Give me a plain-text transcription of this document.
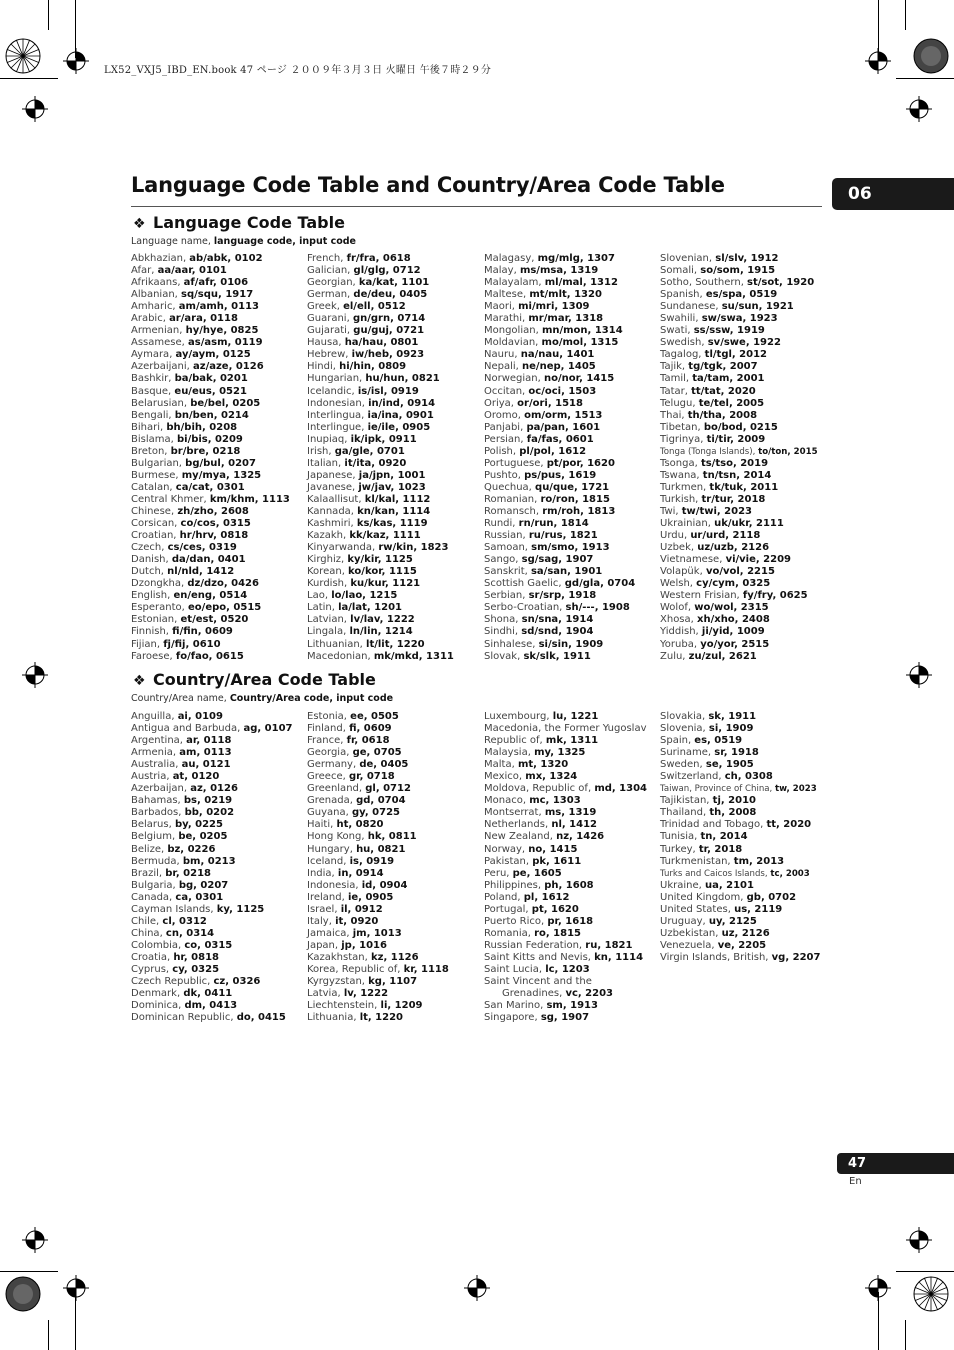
LX52_VXJ5_IBD_EN.book 47 ページ ２００９年３月３日 火曜日 午後７時２９分
Language Code Table and Country/Area Code Table	06
❖ Language Code Table
Language name, language code, input code
Abkhazian, ab/abk, 0102
Afar, aa/aar, 0101
Afrikaans, af/afr, 0106
Albanian, sq/squ, 1917
Amharic, am/amh, 0113
Arabic, ar/ara, 0118
Armenian, hy/hye, 0825
Assamese, as/asm, 0119
Aymara, ay/aym, 0125
Azerbaijani, az/aze, 0126
Bashkir, ba/bak, 0201
Basque, eu/eus, 0521
Belarusian, be/bel, 0205
Bengali, bn/ben, 0214
Bihari, bh/bih, 0208
Bislama, bi/bis, 0209
Breton, br/bre, 0218
Bulgarian, bg/bul, 0207
Burmese, my/mya, 1325
Catalan, ca/cat, 0301
Central Khmer, km/khm, 1113
Chinese, zh/zho, 2608
Corsican, co/cos, 0315
Croatian, hr/hrv, 0818
Czech, cs/ces, 0319
Danish, da/dan, 0401
Dutch, nl/nld, 1412
Dzongkha, dz/dzo, 0426
English, en/eng, 0514
Esperanto, eo/epo, 0515
Estonian, et/est, 0520
Finnish, fi/fin, 0609
Fijian, fj/fij, 0610
Faroese, fo/fao, 0615
French, fr/fra, 0618
Galician, gl/glg, 0712
Georgian, ka/kat, 1101
German, de/deu, 0405
Greek, el/ell, 0512
Guarani, gn/grn, 0714
Gujarati, gu/guj, 0721
Hausa, ha/hau, 0801
Hebrew, iw/heb, 0923
Hindi, hi/hin, 0809
Hungarian, hu/hun, 0821
Icelandic, is/isl, 0919
Indonesian, in/ind, 0914
Interlingua, ia/ina, 0901
Interlingue, ie/ile, 0905
Inupiaq, ik/ipk, 0911
Irish, ga/gle, 0701
Italian, it/ita, 0920
Japanese, ja/jpn, 1001
Javanese, jw/jav, 1023
Kalaallisut, kl/kal, 1112
Kannada, kn/kan, 1114
Kashmiri, ks/kas, 1119
Kazakh, kk/kaz, 1111
Kinyarwanda, rw/kin, 1823
Kirghiz, ky/kir, 1125
Korean, ko/kor, 1115
Kurdish, ku/kur, 1121
Lao, lo/lao, 1215
Latin, la/lat, 1201
Latvian, lv/lav, 1222
Lingala, ln/lin, 1214
Lithuanian, lt/lit, 1220
Macedonian, mk/mkd, 1311
Malagasy, mg/mlg, 1307
Malay, ms/msa, 1319
Malayalam, ml/mal, 1312
Maltese, mt/mlt, 1320
Maori, mi/mri, 1309
Marathi, mr/mar, 1318
Mongolian, mn/mon, 1314
Moldavian, mo/mol, 1315
Nauru, na/nau, 1401
Nepali, ne/nep, 1405
Norwegian, no/nor, 1415
Occitan, oc/oci, 1503
Oriya, or/ori, 1518
Oromo, om/orm, 1513
Panjabi, pa/pan, 1601
Persian, fa/fas, 0601
Polish, pl/pol, 1612
Portuguese, pt/por, 1620
Pushto, ps/pus, 1619
Quechua, qu/que, 1721
Romanian, ro/ron, 1815
Romansch, rm/roh, 1813
Rundi, rn/run, 1814
Russian, ru/rus, 1821
Samoan, sm/smo, 1913
Sango, sg/sag, 1907
Sanskrit, sa/san, 1901
Scottish Gaelic, gd/gla, 0704
Serbian, sr/srp, 1918
Serbo-Croatian, sh/---, 1908
Shona, sn/sna, 1914
Sindhi, sd/snd, 1904
Sinhalese, si/sin, 1909
Slovak, sk/slk, 1911
Slovenian, sl/slv, 1912
Somali, so/som, 1915
Sotho, Southern, st/sot, 1920
Spanish, es/spa, 0519
Sundanese, su/sun, 1921
Swahili, sw/swa, 1923
Swati, ss/ssw, 1919
Swedish, sv/swe, 1922
Tagalog, tl/tgl, 2012
Tajik, tg/tgk, 2007
Tamil, ta/tam, 2001
Tatar, tt/tat, 2020
Telugu, te/tel, 2005
Thai, th/tha, 2008
Tibetan, bo/bod, 0215
Tigrinya, ti/tir, 2009
Tonga (Tonga Islands), to/ton, 2015
Tsonga, ts/tso, 2019
Tswana, tn/tsn, 2014
Turkmen, tk/tuk, 2011
Turkish, tr/tur, 2018
Twi, tw/twi, 2023
Ukrainian, uk/ukr, 2111
Urdu, ur/urd, 2118
Uzbek, uz/uzb, 2126
Vietnamese, vi/vie, 2209
Volapük, vo/vol, 2215
Welsh, cy/cym, 0325
Western Frisian, fy/fry, 0625
Wolof, wo/wol, 2315
Xhosa, xh/xho, 2408
Yiddish, ji/yid, 1009
Yoruba, yo/yor, 2515
Zulu, zu/zul, 2621
❖ Country/Area Code Table
Country/Area name, Country/Area code, input code
Anguilla, ai, 0109
Antigua and Barbuda, ag, 0107
Argentina, ar, 0118
Armenia, am, 0113
Australia, au, 0121
Austria, at, 0120
Azerbaijan, az, 0126
Bahamas, bs, 0219
Barbados, bb, 0202
Belarus, by, 0225
Belgium, be, 0205
Belize, bz, 0226
Bermuda, bm, 0213
Brazil, br, 0218
Bulgaria, bg, 0207
Canada, ca, 0301
Cayman Islands, ky, 1125
Chile, cl, 0312
China, cn, 0314
Colombia, co, 0315
Croatia, hr, 0818
Cyprus, cy, 0325
Czech Republic, cz, 0326
Denmark, dk, 0411
Dominica, dm, 0413
Dominican Republic, do, 0415
Estonia, ee, 0505
Finland, fi, 0609
France, fr, 0618
Georgia, ge, 0705
Germany, de, 0405
Greece, gr, 0718
Greenland, gl, 0712
Grenada, gd, 0704
Guyana, gy, 0725
Haiti, ht, 0820
Hong Kong, hk, 0811
Hungary, hu, 0821
Iceland, is, 0919
India, in, 0914
Indonesia, id, 0904
Ireland, ie, 0905
Israel, il, 0912
Italy, it, 0920
Jamaica, jm, 1013
Japan, jp, 1016
Kazakhstan, kz, 1126
Korea, Republic of, kr, 1118
Kyrgyzstan, kg, 1107
Latvia, lv, 1222
Liechtenstein, li, 1209
Lithuania, lt, 1220
Luxembourg, lu, 1221
Macedonia, the Former Yugoslav
Republic of, mk, 1311
Malaysia, my, 1325
Malta, mt, 1320
Mexico, mx, 1324
Moldova, Republic of, md, 1304
Monaco, mc, 1303
Montserrat, ms, 1319
Netherlands, nl, 1412
New Zealand, nz, 1426
Norway, no, 1415
Pakistan, pk, 1611
Peru, pe, 1605
Philippines, ph, 1608
Poland, pl, 1612
Portugal, pt, 1620
Puerto Rico, pr, 1618
Romania, ro, 1815
Russian Federation, ru, 1821
Saint Kitts and Nevis, kn, 1114
Saint Lucia, lc, 1203
Saint Vincent and the
Grenadines, vc, 2203
San Marino, sm, 1913
Singapore, sg, 1907
Slovakia, sk, 1911
Slovenia, si, 1909
Spain, es, 0519
Suriname, sr, 1918
Sweden, se, 1905
Switzerland, ch, 0308
Taiwan, Province of China, tw, 2023
Tajikistan, tj, 2010
Thailand, th, 2008
Trinidad and Tobago, tt, 2020
Tunisia, tn, 2014
Turkey, tr, 2018
Turkmenistan, tm, 2013
Turks and Caicos Islands, tc, 2003
Ukraine, ua, 2101
United Kingdom, gb, 0702
United States, us, 2119
Uruguay, uy, 2125
Uzbekistan, uz, 2126
Venezuela, ve, 2205
Virgin Islands, British, vg, 2207
47
En
